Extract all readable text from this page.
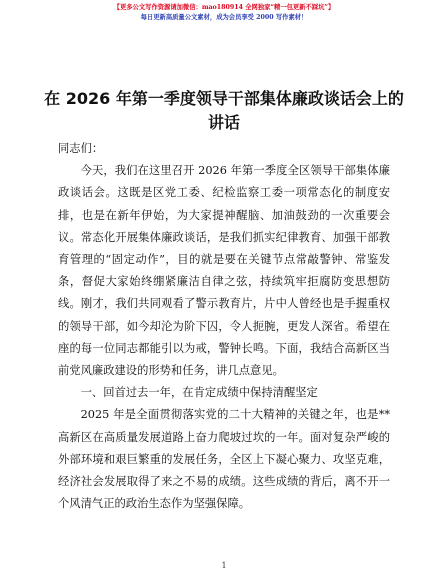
【更多公文写作资源请加微信：mao180914 全网独家“精一包更新不踩坑”】
每日更新高质量公文素材，成为会员享受 2000 写作素材！
在 2026 年第一季度领导干部集体廉政谈话会上的讲话

同志们：

今天，我们在这里召开 2026 年第一季度全区领导干部集体廉政谈话会。这既是区党工委、纪检监察工委一项常态化的制度安排，也是在新年伊始，为大家提神醒脑、加油鼓劲的一次重要会议。常态化开展集体廉政谈话，是我们抓实纪律教育、加强干部教育管理的“固定动作”，目的就是要在关键节点常敲警钟、常鉴发条，督促大家始终绷紧廉洁自律之弦，持续筑牢拒腐防变思想防线。刚才，我们共同观看了警示教育片，片中人曾经也是手握重权的领导干部，如今却沦为阶下囚，令人扼腕，更发人深省。希望在座的每一位同志都能引以为戒，警钟长鸣。下面，我结合高新区当前党风廉政建设的形势和任务，讲几点意见。

一、回首过去一年，在肯定成绩中保持清醒坚定

2025 年是全面贯彻落实党的二十大精神的关键之年，也是**高新区在高质量发展道路上奋力爬坡过坎的一年。面对复杂严峻的外部环境和艰巨繁重的发展任务，全区上下凝心聚力、攻坚克难，经济社会发展取得了来之不易的成绩。这些成绩的背后，离不开一个风清气正的政治生态作为坚强保障。

1
